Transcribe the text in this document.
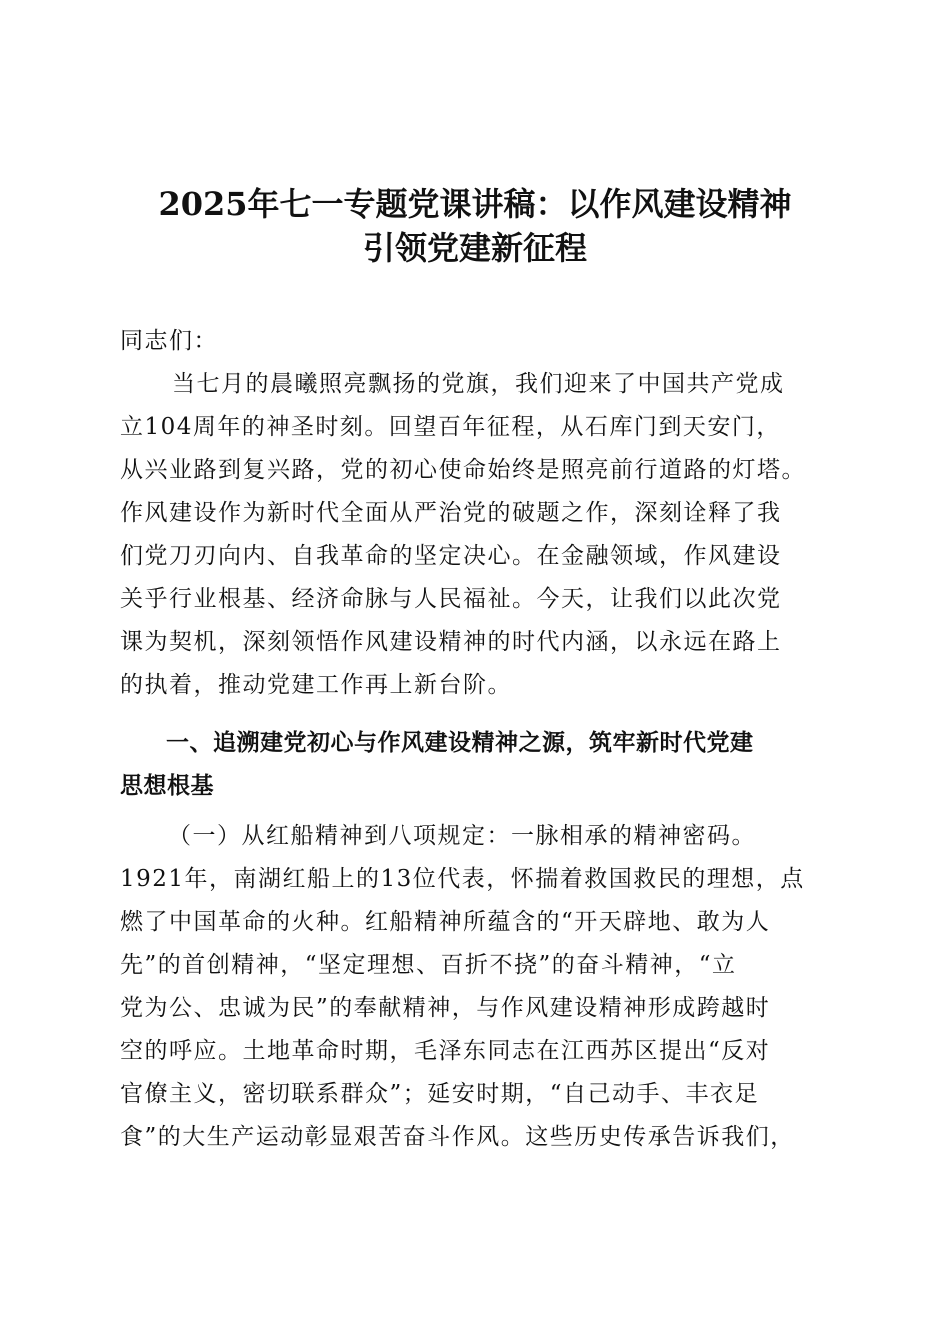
2025年七一专题党课讲稿：以作风建设精神
引领党建新征程
同志们：
当七月的晨曦照亮飘扬的党旗，我们迎来了中国共产党成
立104周年的神圣时刻。回望百年征程，从石库门到天安门，
从兴业路到复兴路，党的初心使命始终是照亮前行道路的灯塔。
作风建设作为新时代全面从严治党的破题之作，深刻诠释了我
们党刀刃向内、自我革命的坚定决心。在金融领域，作风建设
关乎行业根基、经济命脉与人民福祉。今天，让我们以此次党
课为契机，深刻领悟作风建设精神的时代内涵，以永远在路上
的执着，推动党建工作再上新台阶。
一、追溯建党初心与作风建设精神之源，筑牢新时代党建
思想根基
（一）从红船精神到八项规定：一脉相承的精神密码。
1921年，南湖红船上的13位代表，怀揣着救国救民的理想，点
燃了中国革命的火种。红船精神所蕴含的“开天辟地、敢为人
先”的首创精神，“坚定理想、百折不挠”的奋斗精神，“立
党为公、忠诚为民”的奉献精神，与作风建设精神形成跨越时
空的呼应。土地革命时期，毛泽东同志在江西苏区提出“反对
官僚主义，密切联系群众”；延安时期，“自己动手、丰衣足
食”的大生产运动彰显艰苦奋斗作风。这些历史传承告诉我们，
